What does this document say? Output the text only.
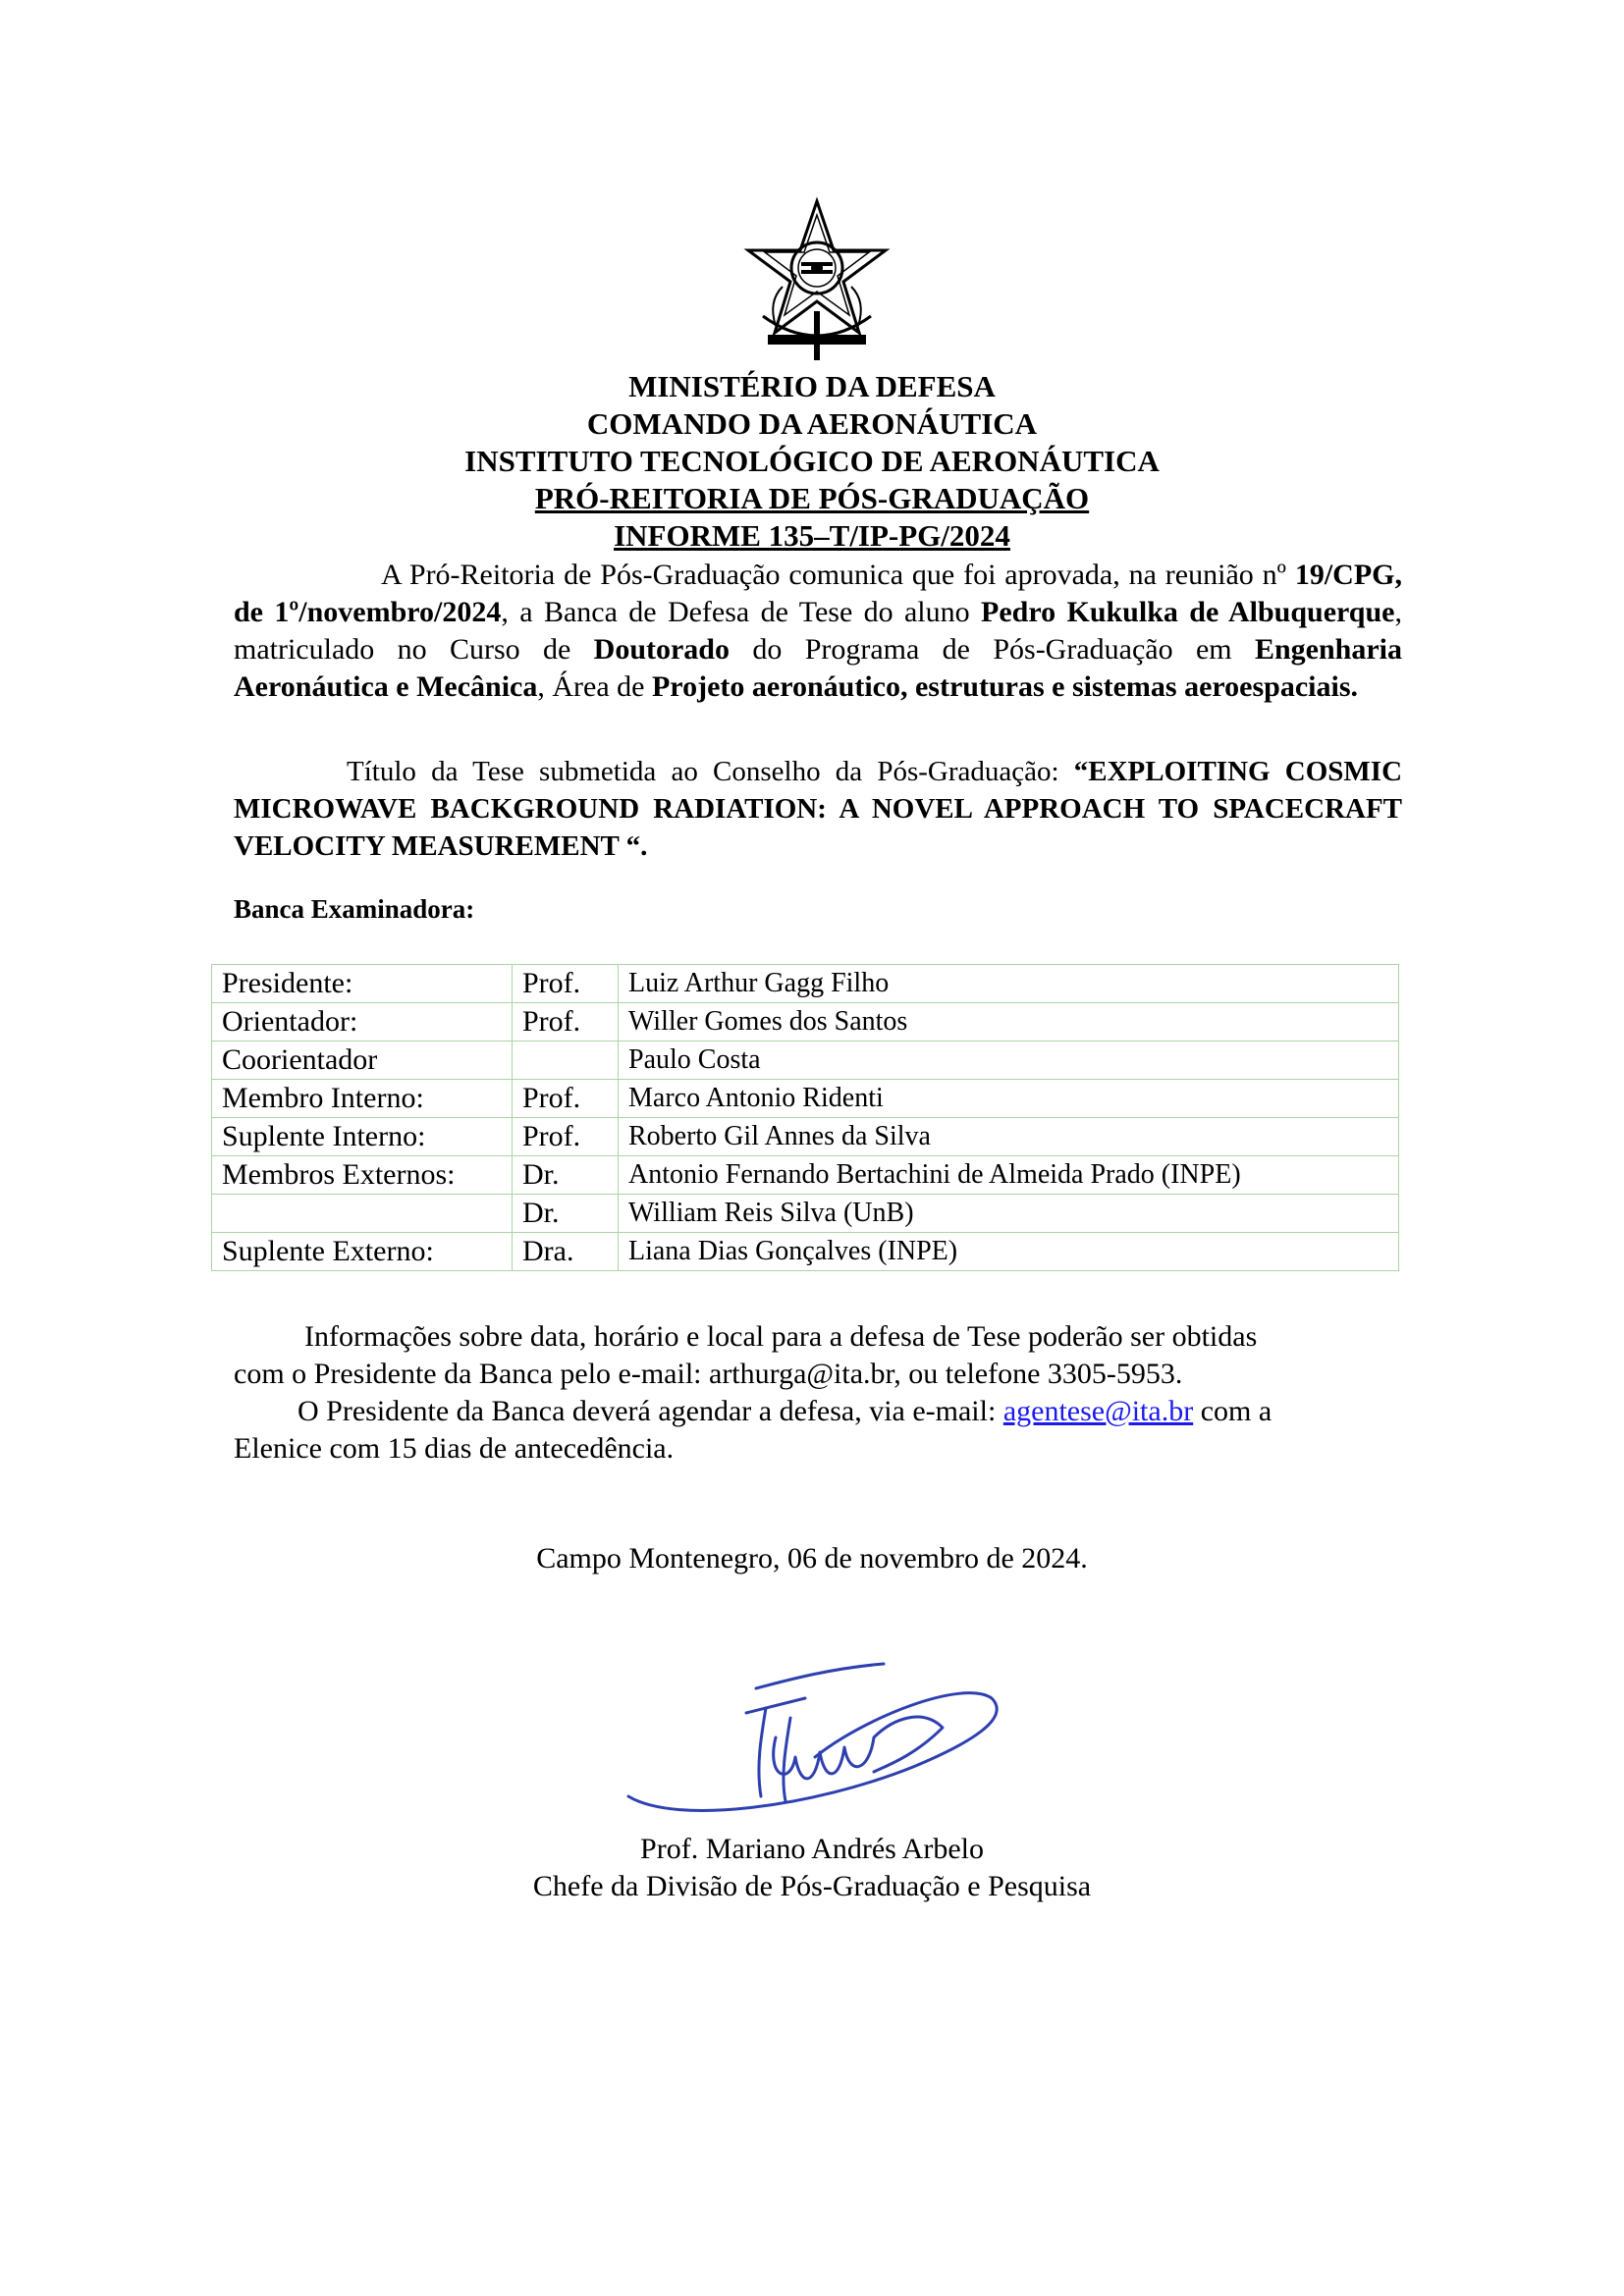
MINISTÉRIO DA DEFESA
COMANDO DA AERONÁUTICA
INSTITUTO TECNOLÓGICO DE AERONÁUTICA
PRÓ-REITORIA DE PÓS-GRADUAÇÃO
INFORME 135–T/IP-PG/2024
A Pró-Reitoria de Pós-Graduação comunica que foi aprovada, na reunião nº 19/CPG, de 1º/novembro/2024, a Banca de Defesa de Tese do aluno Pedro Kukulka de Albuquerque, matriculado no Curso de Doutorado do Programa de Pós-Graduação em Engenharia Aeronáutica e Mecânica, Área de Projeto aeronáutico, estruturas e sistemas aeroespaciais.
Título da Tese submetida ao Conselho da Pós-Graduação: “EXPLOITING COSMIC MICROWAVE BACKGROUND RADIATION: A NOVEL APPROACH TO SPACECRAFT VELOCITY MEASUREMENT “.
Banca Examinadora:
Presidente:	Prof.	Luiz Arthur Gagg Filho
Orientador:	Prof.	Willer Gomes dos Santos
Coorientador		Paulo Costa
Membro Interno:	Prof.	Marco Antonio Ridenti
Suplente Interno:	Prof.	Roberto Gil Annes da Silva
Membros Externos:	Dr.	Antonio Fernando Bertachini de Almeida Prado (INPE)
	Dr.	William Reis Silva (UnB)
Suplente Externo:	Dra.	Liana Dias Gonçalves (INPE)
Informações sobre data, horário e local para a defesa de Tese poderão ser obtidas
com o Presidente da Banca pelo e-mail: arthurga@ita.br, ou telefone 3305-5953.
O Presidente da Banca deverá agendar a defesa, via e-mail: agentese@ita.br com a
Elenice com 15 dias de antecedência.
Campo Montenegro, 06 de novembro de 2024.
Prof. Mariano Andrés Arbelo
Chefe da Divisão de Pós-Graduação e Pesquisa
